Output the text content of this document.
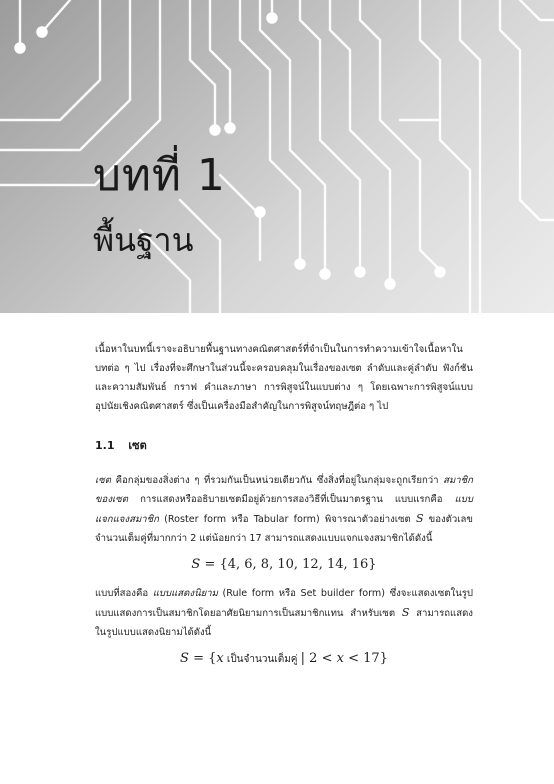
บทที่ 1
พื้นฐาน

เนื้อหาในบทนี้เราจะอธิบายพื้นฐานทางคณิตศาสตร์ที่จำเป็นในการทำความเข้าใจเนื้อหาในบทต่อ ๆ ไป เรื่องที่จะศึกษาในส่วนนี้จะครอบคลุมในเรื่องของเซต ลำดับและคู่ลำดับ ฟังก์ชันและความสัมพันธ์ กราฟ คำและภาษา การพิสูจน์ในแบบต่าง ๆ โดยเฉพาะการพิสูจน์แบบอุปนัยเชิงคณิตศาสตร์ ซึ่งเป็นเครื่องมือสำคัญในการพิสูจน์ทฤษฎีต่อ ๆ ไป

1.1 เซต

เซต คือกลุ่มของสิ่งต่าง ๆ ที่รวมกันเป็นหน่วยเดียวกัน ซึ่งสิ่งที่อยู่ในกลุ่มจะถูกเรียกว่า สมาชิกของเซต การแสดงหรืออธิบายเซตมีอยู่ด้วยการสองวิธีที่เป็นมาตรฐาน แบบแรกคือ แบบแจกแจงสมาชิก (Roster form หรือ Tabular form) พิจารณาตัวอย่างเซต S ของตัวเลขจำนวนเต็มคู่ที่มากกว่า 2 แต่น้อยกว่า 17 สามารถแสดงแบบแจกแจงสมาชิกได้ดังนี้

S = {4, 6, 8, 10, 12, 14, 16}

แบบที่สองคือ แบบแสดงนิยาม (Rule form หรือ Set builder form) ซึ่งจะแสดงเซตในรูปแบบแสดงการเป็นสมาชิกโดยอาศัยนิยามการเป็นสมาชิกแทน สำหรับเซต S สามารถแสดงในรูปแบบแสดงนิยามได้ดังนี้

S = {x เป็นจำนวนเต็มคู่ | 2 < x < 17}
